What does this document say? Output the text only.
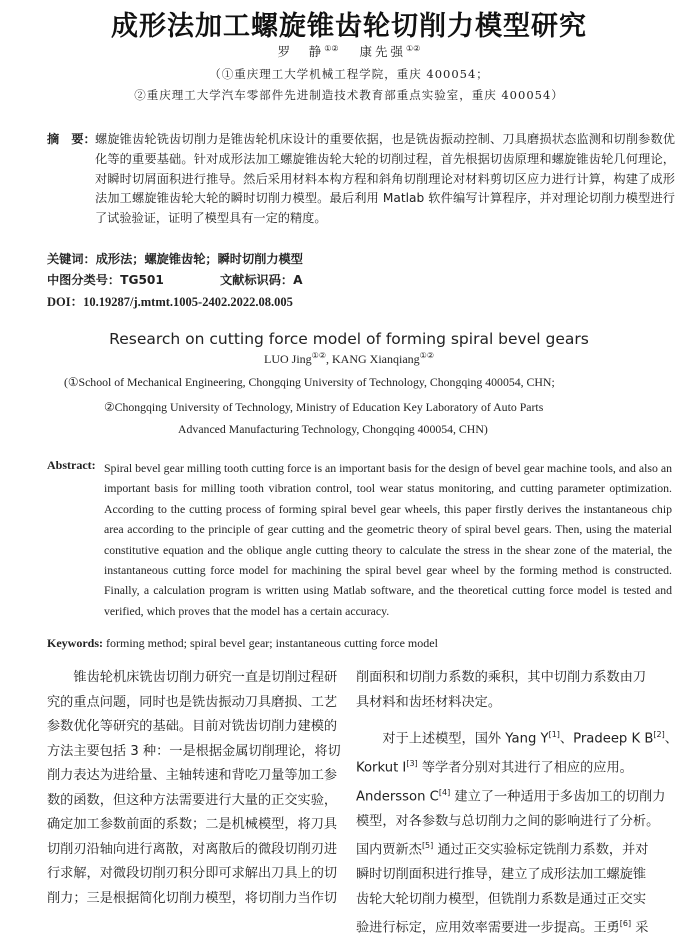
成形法加工螺旋锥齿轮切削力模型研究
罗　静①② 康先强①②
（①重庆理工大学机械工程学院，重庆 400054；
②重庆理工大学汽车零部件先进制造技术教育部重点实验室，重庆 400054）
摘　要： 螺旋锥齿轮铣齿切削力是锥齿轮机床设计的重要依据，也是铣齿振动控制、刀具磨损状态监测和切削参数优化等的重要基础。针对成形法加工螺旋锥齿轮大轮的切削过程，首先根据切齿原理和螺旋锥齿轮几何理论，对瞬时切屑面积进行推导。然后采用材料本构方程和斜角切削理论对材料剪切区应力进行计算，构建了成形法加工螺旋锥齿轮大轮的瞬时切削力模型。最后利用 Matlab 软件编写计算程序，并对理论切削力模型进行了试验验证，证明了模型具有一定的精度。
关键词：成形法；螺旋锥齿轮；瞬时切削力模型
中图分类号：TG501	文献标识码：A
DOI：10.19287/j.mtmt.1005-2402.2022.08.005
Research on cutting force model of forming spiral bevel gears
LUO Jing①②, KANG Xianqiang①②
(①School of Mechanical Engineering, Chongqing University of Technology, Chongqing 400054, CHN;
②Chongqing University of Technology, Ministry of Education Key Laboratory of Auto Parts
Advanced Manufacturing Technology, Chongqing 400054, CHN)
Abstract: Spiral bevel gear milling tooth cutting force is an important basis for the design of bevel gear machine tools, and also an important basis for milling tooth vibration control, tool wear status monitoring, and cutting parameter optimization. According to the cutting process of forming spiral bevel gear wheels, this paper firstly derives the instantaneous chip area according to the principle of gear cutting and the geometric theory of spiral bevel gears. Then, using the material constitutive equation and the oblique angle cutting theory to calculate the stress in the shear zone of the material, the instantaneous cutting force model for machining the spiral bevel gear wheel by the forming method is constructed. Finally, a calculation program is written using Matlab software, and the theoretical cutting force model is tested and verified, which proves that the model has a certain accuracy.
Keywords: forming method; spiral bevel gear; instantaneous cutting force model
锥齿轮机床铣齿切削力研究一直是切削过程研
究的重点问题，同时也是铣齿振动刀具磨损、工艺
参数优化等研究的基础。目前对铣齿切削力建模的
方法主要包括 3 种：一是根据金属切削理论，将切
削力表达为进给量、主轴转速和背吃刀量等加工参
数的函数，但这种方法需要进行大量的正交实验，
确定加工参数前面的系数；二是机械模型，将刀具
切削刃沿轴向进行离散，对离散后的微段切削刃进
行求解，对微段切削刃积分即可求解出刀具上的切
削力；三是根据简化切削力模型，将切削力当作切
削面积和切削力系数的乘积，其中切削力系数由刀
具材料和齿坯材料决定。
对于上述模型，国外 Yang Y[1]、Pradeep K B[2]、
Korkut I[3] 等学者分别对其进行了相应的应用。
Andersson C[4] 建立了一种适用于多齿加工的切削力
模型，对各参数与总切削力之间的影响进行了分析。
国内贾新杰[5] 通过正交实验标定铣削力系数，并对
瞬时切削面积进行推导，建立了成形法加工螺旋锥
齿轮大轮切削力模型，但铣削力系数是通过正交实
验进行标定，应用效率需要进一步提高。王勇[6] 采
